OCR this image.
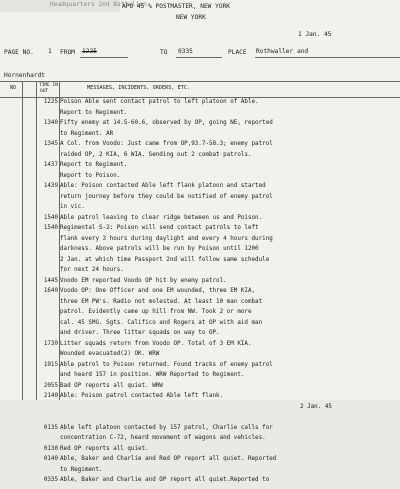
Headquarters 2nd Battalion
APO 45 % POSTMASTER, NEW YORK
NEW YORK
1 Jan. 45
PAGE NO. 1 FROM 1225	TO 0335	PLACE Rothwaller and
Hornenhardt
NO	TIME IN
OUT
MESSAGES, INCIDENTS, ORDERS, ETC.
1225 Poison Able sent contact patrol to left platoon of Able.
Report to Regiment.
1340 Fifty enemy at 14.5-60.6, observed by OP, going NE, reported
to Regiment. AR
1345 A Col. from Voodo: Just came from OP,93.7-58.3; enemy patrol
raided OP, 2 KIA, 6 WIA. Sending out 2 combat patrols.
1437 Report to Regiment.
Report to Poison.
1439 Able: Poison contacted Able left flank platoon and started
return journey before they could be notified of enemy patrol
in vic.
1540 Able patrol leaving to clear ridge between us and Poison.
1540 Regimental S-2: Poison will send contact patrols to left
flank every 3 hours during daylight and every 4 hours during
darkness. Above patrols will be run by Poison until 1200
2 Jan. at which time Passport 2nd will follow same schedule
for next 24 hours.
1445 Voodo EM reported Voodo OP hit by enemy patrol.
1640 Voodo OP: One Officer and one EM wounded, three EM KIA,
three EM PW's. Radio not molested. At least 10 man combat
patrol. Evidently came up hill from NW. Took 2 or more
cal. 45 SMG. Sgts. Califico and Rogers at OP with aid man
and driver. Three litter squads on way to OP.
1730 Litter squads return from Voodo OP. Total of 3 EM KIA.
Wounded evacuated(2) OK. WRW
1915 Able patrol to Poison returned. Found tracks of enemy patrol
and heard 157 in position. WRW Reported to Regiment.
2055 Bad OP reports all quiet. WRW
2140 Able: Poison patrol contacted Able left flank.
2 Jan. 45
0135 Able left platoon contacted by 157 patrol, Charlie calls for
concentration C-72, heard movement of wagons and vehicles.
0130 Red OP reports all quiet.
0140 Able, Baker and Charlie and Red OP report all quiet. Reported
to Regiment.
0335 Able, Baker and Charlie and OP report all quiet.Reported to
